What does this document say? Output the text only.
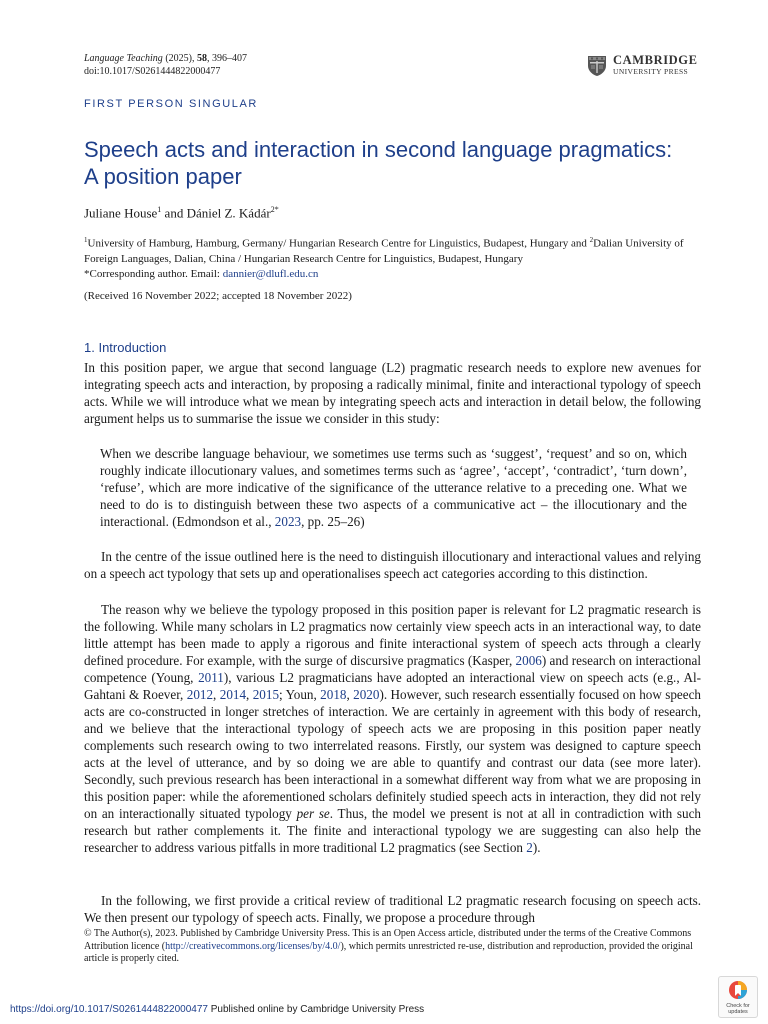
Language Teaching (2025), 58, 396–407
doi:10.1017/S0261444822000477
CAMBRIDGE
UNIVERSITY PRESS
FIRST PERSON SINGULAR
Speech acts and interaction in second language pragmatics: A position paper
Juliane House$^1$ and Dániel Z. Kádár$^{2*}$
$^1$University of Hamburg, Hamburg, Germany/ Hungarian Research Centre for Linguistics, Budapest, Hungary and $^2$Dalian University of Foreign Languages, Dalian, China / Hungarian Research Centre for Linguistics, Budapest, Hungary
*Corresponding author. Email: dannier@dlufl.edu.cn
(Received 16 November 2022; accepted 18 November 2022)
1. Introduction
In this position paper, we argue that second language (L2) pragmatic research needs to explore new avenues for integrating speech acts and interaction, by proposing a radically minimal, finite and interactional typology of speech acts. While we will introduce what we mean by integrating speech acts and interaction in detail below, the following argument helps us to summarise the issue we consider in this study:
When we describe language behaviour, we sometimes use terms such as ‘suggest’, ‘request’ and so on, which roughly indicate illocutionary values, and sometimes terms such as ‘agree’, ‘accept’, ‘contradict’, ‘turn down’, ‘refuse’, which are more indicative of the significance of the utterance relative to a preceding one. What we need to do is to distinguish between these two aspects of a communicative act – the illocutionary and the interactional. (Edmondson et al., 2023, pp. 25–26)
In the centre of the issue outlined here is the need to distinguish illocutionary and interactional values and relying on a speech act typology that sets up and operationalises speech act categories according to this distinction.
The reason why we believe the typology proposed in this position paper is relevant for L2 pragmatic research is the following. While many scholars in L2 pragmatics now certainly view speech acts in an interactional way, to date little attempt has been made to apply a rigorous and finite interactional system of speech acts through a clearly defined procedure. For example, with the surge of discursive pragmatics (Kasper, 2006) and research on interactional competence (Young, 2011), various L2 pragmaticians have adopted an interactional view on speech acts (e.g., Al-Gahtani & Roever, 2012, 2014, 2015; Youn, 2018, 2020). However, such research essentially focused on how speech acts are co-constructed in longer stretches of interaction. We are certainly in agreement with this body of research, and we believe that the interactional typology of speech acts we are proposing in this position paper neatly complements such research owing to two interrelated reasons. Firstly, our system was designed to capture speech acts at the level of utterance, and by so doing we are able to quantify and contrast our data (see more later). Secondly, such previous research has been interactional in a somewhat different way from what we are proposing in this position paper: while the aforementioned scholars definitely studied speech acts in interaction, they did not rely on an interactionally situated typology per se. Thus, the model we present is not at all in contradiction with such research but rather complements it. The finite and interactional typology we are suggesting can also help the researcher to address various pitfalls in more traditional L2 pragmatics (see Section 2).
In the following, we first provide a critical review of traditional L2 pragmatic research focusing on speech acts. We then present our typology of speech acts. Finally, we propose a procedure through
© The Author(s), 2023. Published by Cambridge University Press. This is an Open Access article, distributed under the terms of the Creative Commons Attribution licence (http://creativecommons.org/licenses/by/4.0/), which permits unrestricted re-use, distribution and reproduction, provided the original article is properly cited.
https://doi.org/10.1017/S0261444822000477 Published online by Cambridge University Press	Check for
updates
